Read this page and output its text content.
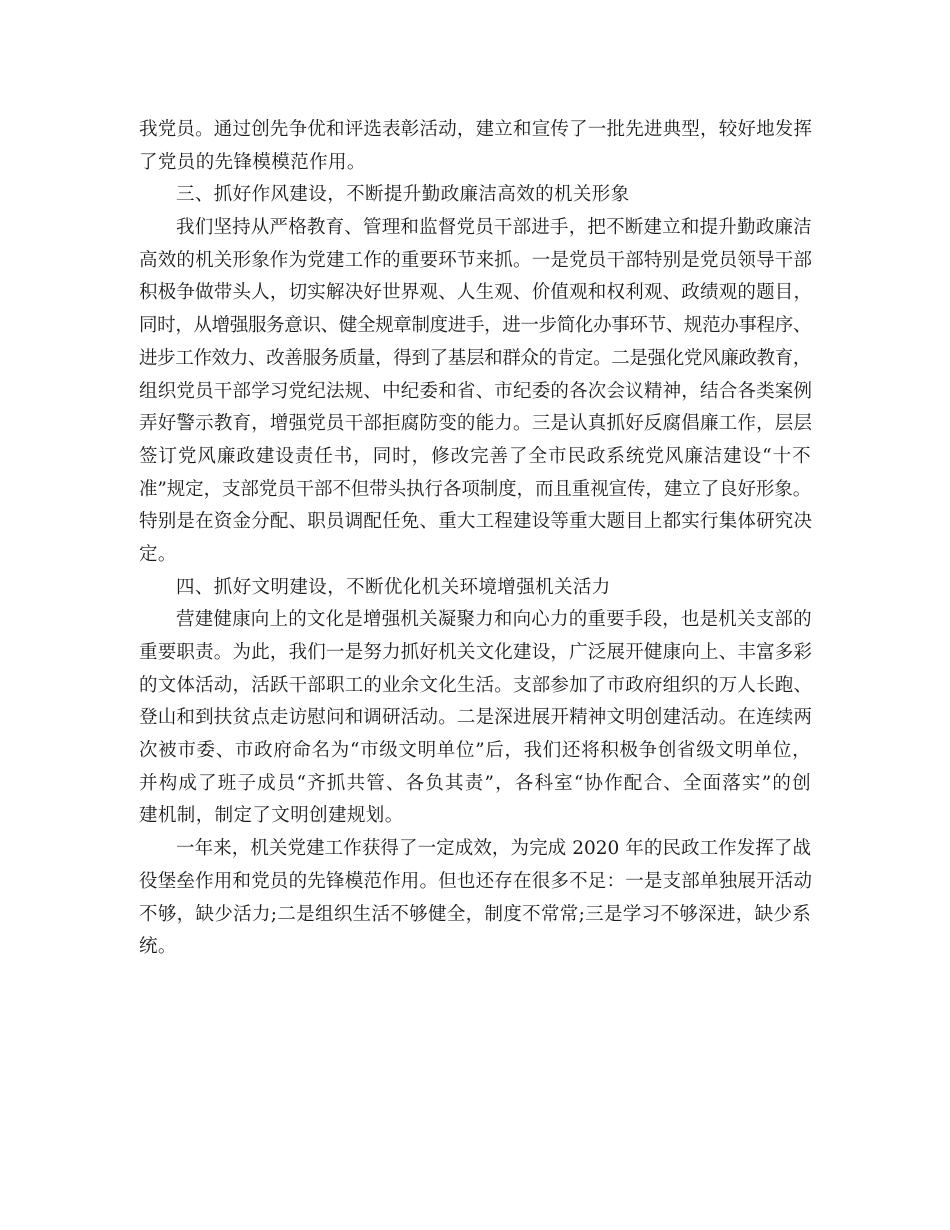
我党员。通过创先争优和评选表彰活动，建立和宣传了一批先进典型，较好地发挥
了党员的先锋模模范作用。
三、抓好作风建设，不断提升勤政廉洁高效的机关形象
我们坚持从严格教育、管理和监督党员干部进手，把不断建立和提升勤政廉洁
高效的机关形象作为党建工作的重要环节来抓。一是党员干部特别是党员领导干部
积极争做带头人，切实解决好世界观、人生观、价值观和权利观、政绩观的题目，
同时，从增强服务意识、健全规章制度进手，进一步简化办事环节、规范办事程序、
进步工作效力、改善服务质量，得到了基层和群众的肯定。二是强化党风廉政教育，
组织党员干部学习党纪法规、中纪委和省、市纪委的各次会议精神，结合各类案例
弄好警示教育，增强党员干部拒腐防变的能力。三是认真抓好反腐倡廉工作，层层
签订党风廉政建设责任书，同时，修改完善了全市民政系统党风廉洁建设“十不
准”规定，支部党员干部不但带头执行各项制度，而且重视宣传，建立了良好形象。
特别是在资金分配、职员调配任免、重大工程建设等重大题目上都实行集体研究决
定。
四、抓好文明建设，不断优化机关环境增强机关活力
营建健康向上的文化是增强机关凝聚力和向心力的重要手段，也是机关支部的
重要职责。为此，我们一是努力抓好机关文化建设，广泛展开健康向上、丰富多彩
的文体活动，活跃干部职工的业余文化生活。支部参加了市政府组织的万人长跑、
登山和到扶贫点走访慰问和调研活动。二是深进展开精神文明创建活动。在连续两
次被市委、市政府命名为“市级文明单位”后，我们还将积极争创省级文明单位，
并构成了班子成员“齐抓共管、各负其责”，各科室“协作配合、全面落实”的创
建机制，制定了文明创建规划。
一年来，机关党建工作获得了一定成效，为完成 2020 年的民政工作发挥了战
役堡垒作用和党员的先锋模范作用。但也还存在很多不足：一是支部单独展开活动
不够，缺少活力;二是组织生活不够健全，制度不常常;三是学习不够深进，缺少系
统。
